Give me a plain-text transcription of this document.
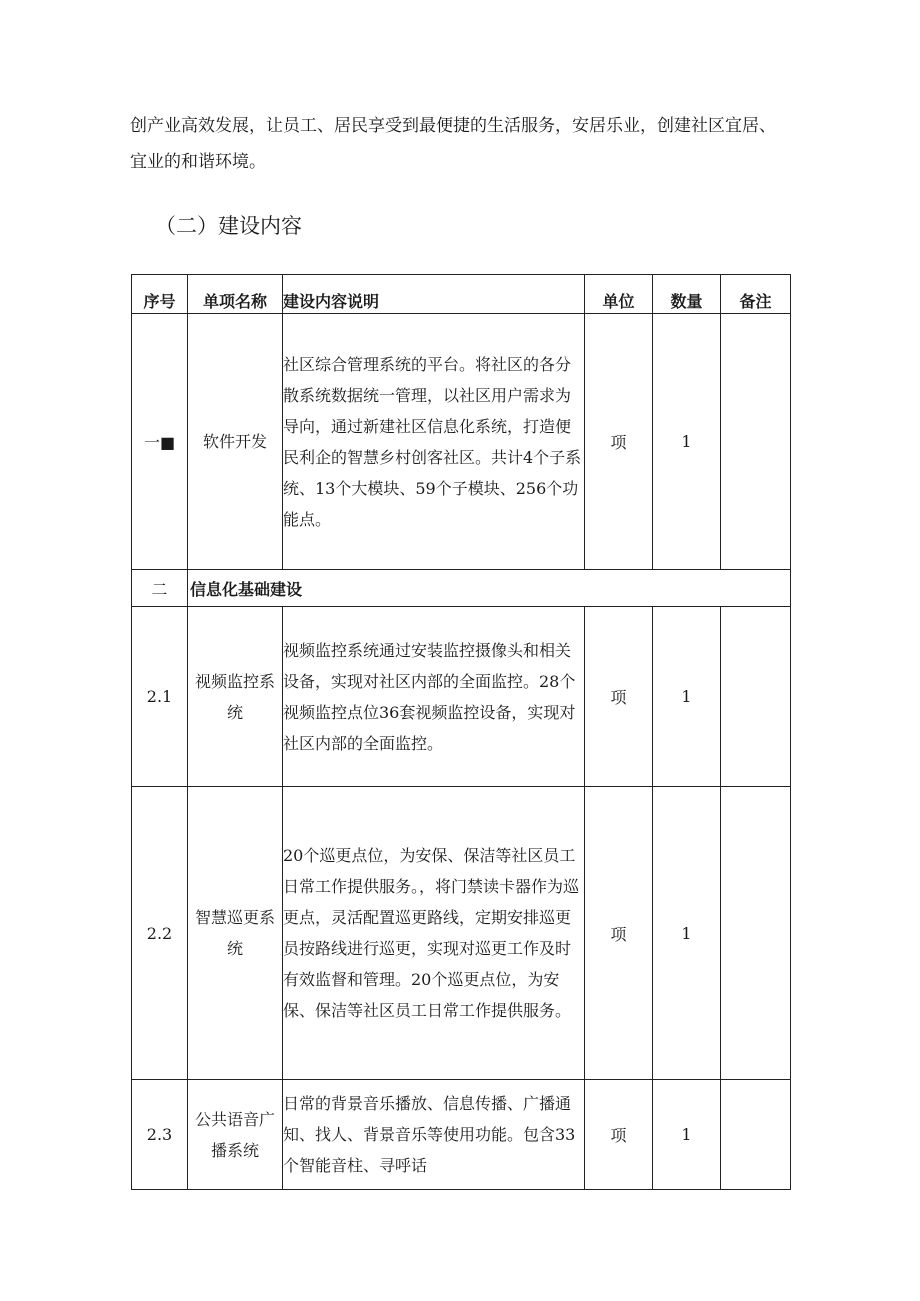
创产业高效发展，让员工、居民享受到最便捷的生活服务，安居乐业，创建社区宜居、

宜业的和谐环境。

（二）建设内容
序号	单项名称	建设内容说明	单位	数量	备注
一■	软件开发	社区综合管理系统的平台。将社区的各分散系统数据统一管理，以社区用户需求为导向，通过新建社区信息化系统，打造便民利企的智慧乡村创客社区。共计4个子系统、13个大模块、59个子模块、256个功能点。	项	1	
二	信息化基础建设				
2.1	视频监控系统	视频监控系统通过安装监控摄像头和相关设备，实现对社区内部的全面监控。28个视频监控点位36套视频监控设备，实现对社区内部的全面监控。	项	1	
2.2	智慧巡更系统	20个巡更点位，为安保、保洁等社区员工日常工作提供服务。，将门禁读卡器作为巡更点，灵活配置巡更路线，定期安排巡更员按路线进行巡更，实现对巡更工作及时有效监督和管理。20个巡更点位，为安保、保洁等社区员工日常工作提供服务。	项	1	
2.3	公共语音广播系统	日常的背景音乐播放、信息传播、广播通知、找人、背景音乐等使用功能。包含33个智能音柱、寻呼话	项	1	
